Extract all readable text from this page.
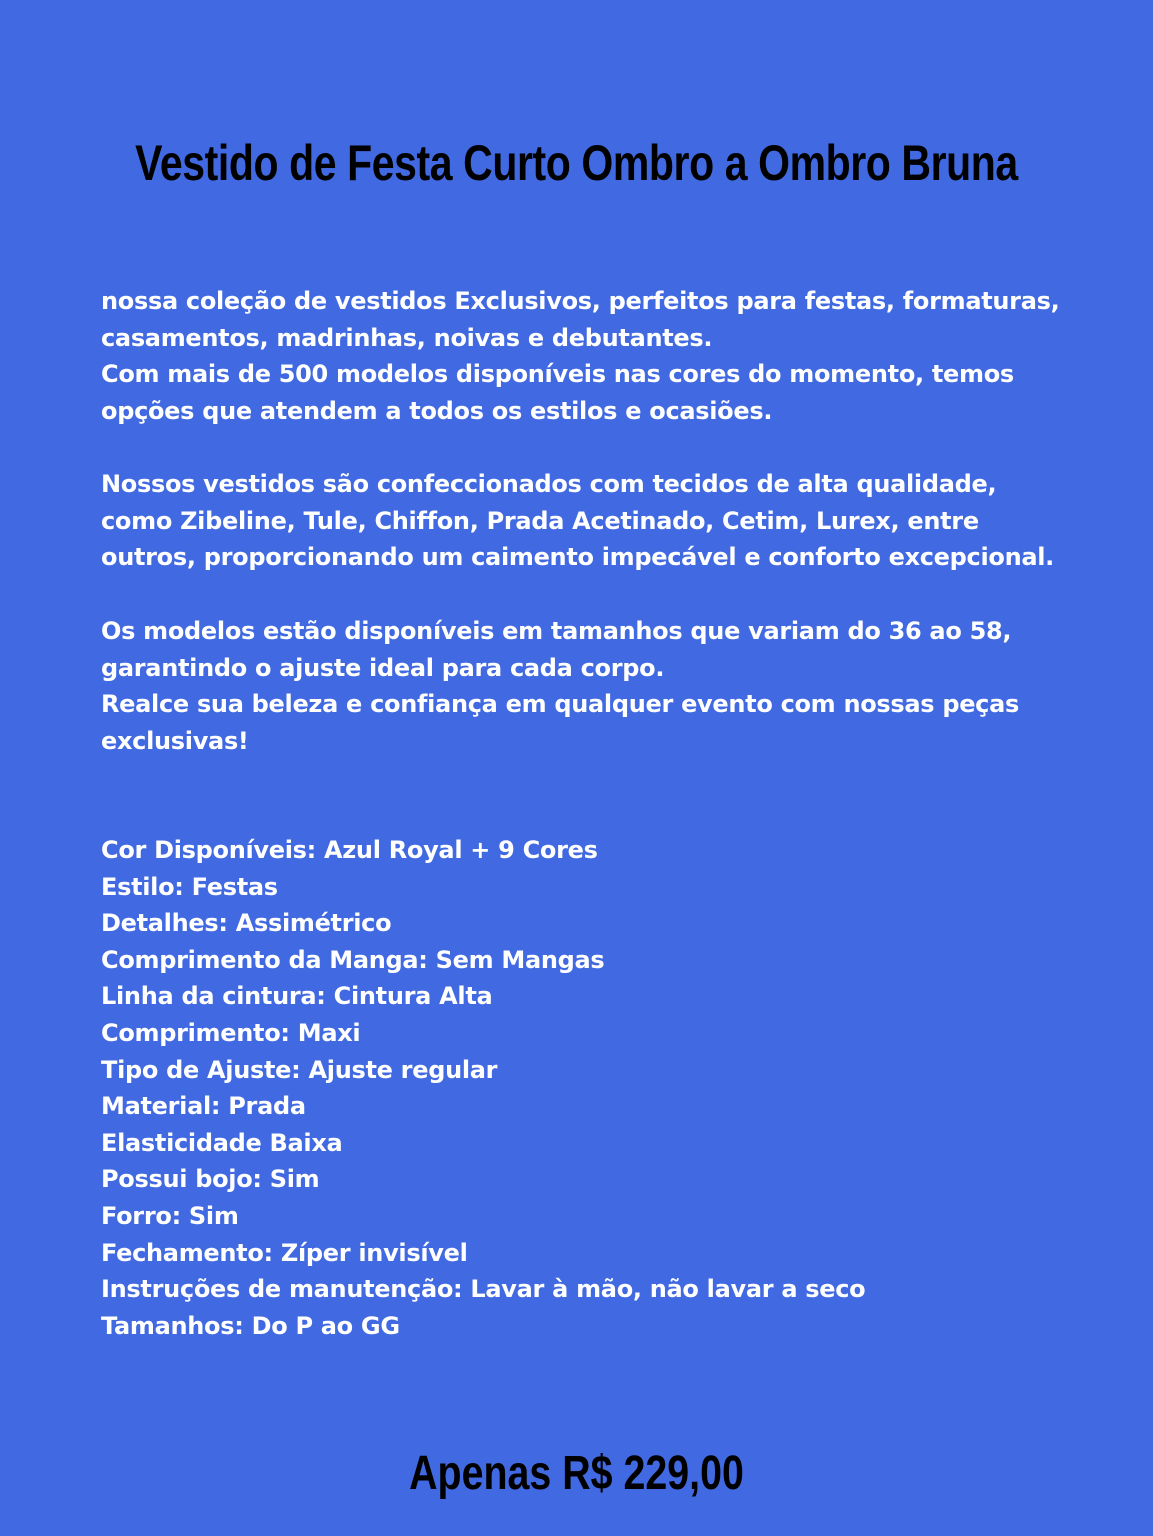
Vestido de Festa Curto Ombro a Ombro Bruna
nossa coleção de vestidos Exclusivos, perfeitos para festas, formaturas,
casamentos, madrinhas, noivas e debutantes.
Com mais de 500 modelos disponíveis nas cores do momento, temos
opções que atendem a todos os estilos e ocasiões.
Nossos vestidos são confeccionados com tecidos de alta qualidade,
como Zibeline, Tule, Chiffon, Prada Acetinado, Cetim, Lurex, entre
outros, proporcionando um caimento impecável e conforto excepcional.
Os modelos estão disponíveis em tamanhos que variam do 36 ao 58,
garantindo o ajuste ideal para cada corpo.
Realce sua beleza e confiança em qualquer evento com nossas peças
exclusivas!
Cor Disponíveis: Azul Royal + 9 Cores
Estilo: Festas
Detalhes: Assimétrico
Comprimento da Manga: Sem Mangas
Linha da cintura: Cintura Alta
Comprimento: Maxi
Tipo de Ajuste: Ajuste regular
Material: Prada
Elasticidade Baixa
Possui bojo: Sim
Forro: Sim
Fechamento: Zíper invisível
Instruções de manutenção: Lavar à mão, não lavar a seco
Tamanhos: Do P ao GG
Apenas R$ 229,00
